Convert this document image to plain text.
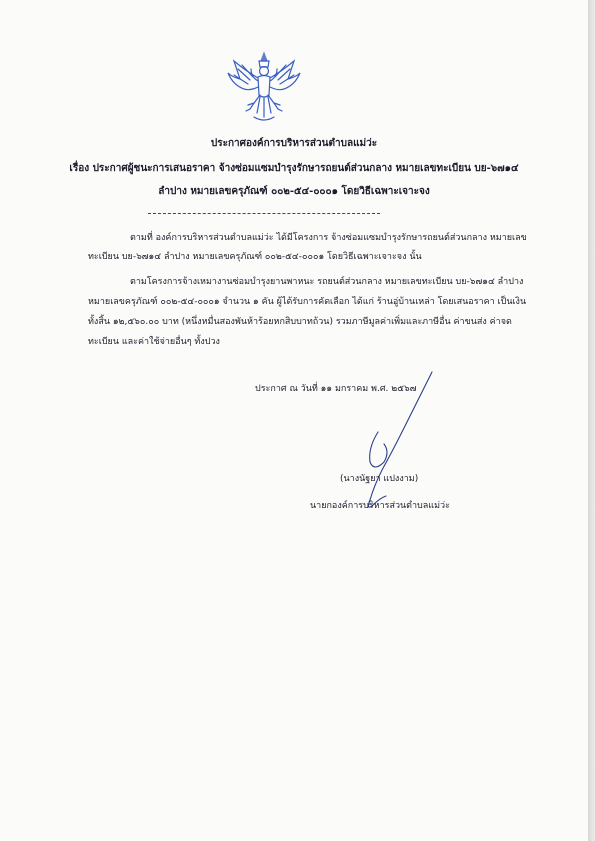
ประกาศองค์การบริหารส่วนตำบลแม่ว่ะ
เรื่อง ประกาศผู้ชนะการเสนอราคา จ้างซ่อมแซมบำรุงรักษารถยนต์ส่วนกลาง หมายเลขทะเบียน บย-๖๗๑๔
ลำปาง หมายเลขครุภัณฑ์ ๐๐๒-๕๔-๐๐๐๑ โดยวิธีเฉพาะเจาะจง
ตามที่ องค์การบริหารส่วนตำบลแม่ว่ะ ได้มีโครงการ จ้างซ่อมแซมบำรุงรักษารถยนต์ส่วนกลาง หมายเลข
ทะเบียน บย-๖๗๑๔ ลำปาง หมายเลขครุภัณฑ์ ๐๐๒-๕๔-๐๐๐๑ โดยวิธีเฉพาะเจาะจง นั้น
ตามโครงการจ้างเหมางานซ่อมบำรุงยานพาหนะ รถยนต์ส่วนกลาง หมายเลขทะเบียน บย-๖๗๑๔ ลำปาง
หมายเลขครุภัณฑ์ ๐๐๒-๕๔-๐๐๐๑ จำนวน ๑ คัน ผู้ได้รับการคัดเลือก ได้แก่ ร้านอู่บ้านเหล่า โดยเสนอราคา เป็นเงิน
ทั้งสิ้น ๑๒,๕๖๐.๐๐ บาท (หนึ่งหมื่นสองพันห้าร้อยหกสิบบาทถ้วน) รวมภาษีมูลค่าเพิ่มและภาษีอื่น ค่าขนส่ง ค่าจด
ทะเบียน และค่าใช้จ่ายอื่นๆ ทั้งปวง
ประกาศ ณ วันที่ ๑๑ มกราคม พ.ศ. ๒๕๖๗
(นางนัฐยา แปงงาม)
นายกองค์การบริหารส่วนตำบลแม่ว่ะ
